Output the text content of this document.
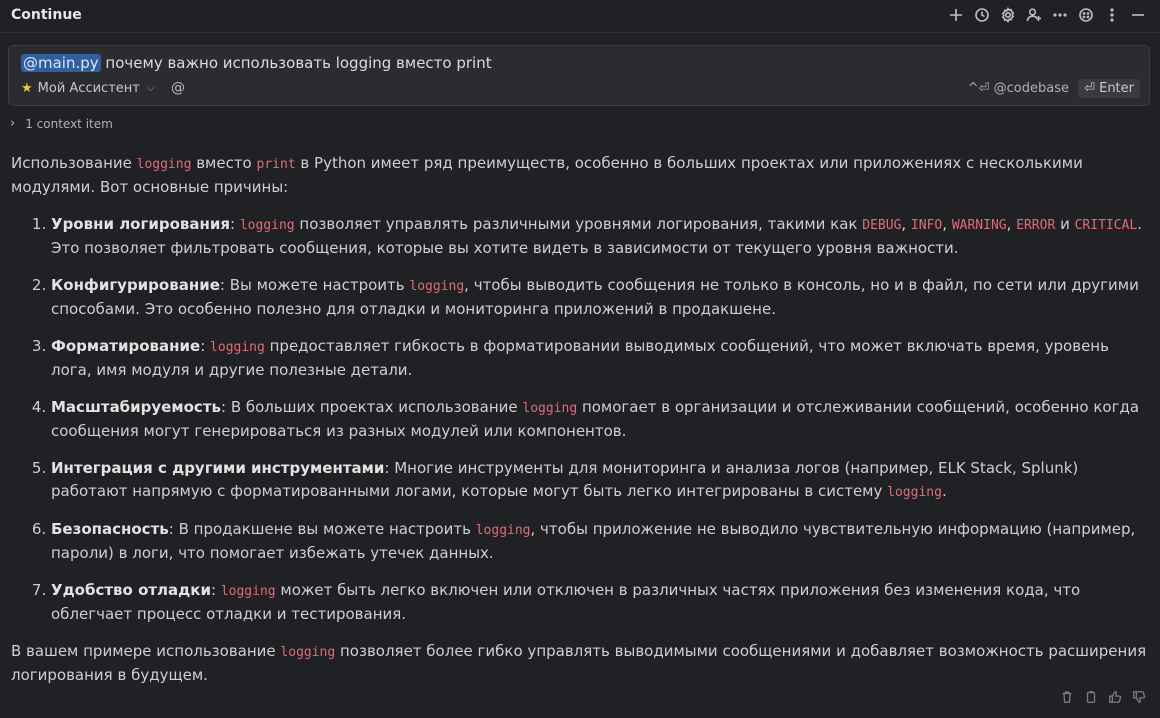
Continue
@main.py почему важно использовать logging вместо print
★ Мой Ассистент ⌵ @	^⏎ @codebase	⏎ Enter
› 1 context item

Использование logging вместо print в Python имеет ряд преимуществ, особенно в больших проектах или приложениях с несколькими модулями. Вот основные причины:

1. Уровни логирования: logging позволяет управлять различными уровнями логирования, такими как DEBUG, INFO, WARNING, ERROR и CRITICAL. Это позволяет фильтровать сообщения, которые вы хотите видеть в зависимости от текущего уровня важности.
2. Конфигурирование: Вы можете настроить logging, чтобы выводить сообщения не только в консоль, но и в файл, по сети или другими способами. Это особенно полезно для отладки и мониторинга приложений в продакшене.
3. Форматирование: logging предоставляет гибкость в форматировании выводимых сообщений, что может включать время, уровень лога, имя модуля и другие полезные детали.
4. Масштабируемость: В больших проектах использование logging помогает в организации и отслеживании сообщений, особенно когда сообщения могут генерироваться из разных модулей или компонентов.
5. Интеграция с другими инструментами: Многие инструменты для мониторинга и анализа логов (например, ELK Stack, Splunk) работают напрямую с форматированными логами, которые могут быть легко интегрированы в систему logging.
6. Безопасность: В продакшене вы можете настроить logging, чтобы приложение не выводило чувствительную информацию (например, пароли) в логи, что помогает избежать утечек данных.
7. Удобство отладки: logging может быть легко включен или отключен в различных частях приложения без изменения кода, что облегчает процесс отладки и тестирования.

В вашем примере использование logging позволяет более гибко управлять выводимыми сообщениями и добавляет возможность расширения логирования в будущем.
